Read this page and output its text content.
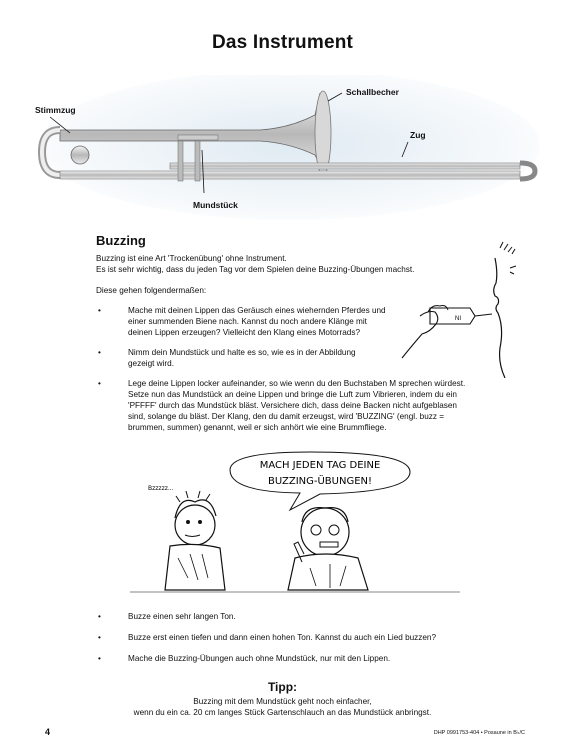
Das Instrument
Stimmzug
Schallbecher
Zug
Mundstück
Buzzing
Buzzing ist eine Art 'Trockenübung' ohne Instrument.
Es ist sehr wichtig, dass du jeden Tag vor dem Spielen deine Buzzing-Übungen machst.
Diese gehen folgendermaßen:
•	Mache mit deinen Lippen das Geräusch eines wiehernden Pferdes und einer summenden Biene nach. Kannst du noch andere Klänge mit deinen Lippen erzeugen? Vielleicht den Klang eines Motorrads?
•	Nimm dein Mundstück und halte es so, wie es in der Abbildung gezeigt wird.
•	Lege deine Lippen locker aufeinander, so wie wenn du den Buchstaben M sprechen würdest. Setze nun das Mundstück an deine Lippen und bringe die Luft zum Vibrieren, indem du ein 'PFFFF' durch das Mundstück bläst. Versichere dich, dass deine Backen nicht aufgeblasen sind, solange du bläst. Der Klang, den du damit erzeugst, wird 'BUZZING' (engl. buzz = brummen, summen) genannt, weil er sich anhört wie eine Brummfliege.
NI
MACH JEDEN TAG DEINE
BUZZING-ÜBUNGEN!
Bzzzzz...
•	Buzze einen sehr langen Ton.
•	Buzze erst einen tiefen und dann einen hohen Ton. Kannst du auch ein Lied buzzen?
•	Mache die Buzzing-Übungen auch ohne Mundstück, nur mit den Lippen.
Tipp:
Buzzing mit dem Mundstück geht noch einfacher,
wenn du ein ca. 20 cm langes Stück Gartenschlauch an das Mundstück anbringst.
4	DHP 0991753-404 • Posaune in B♭/C
